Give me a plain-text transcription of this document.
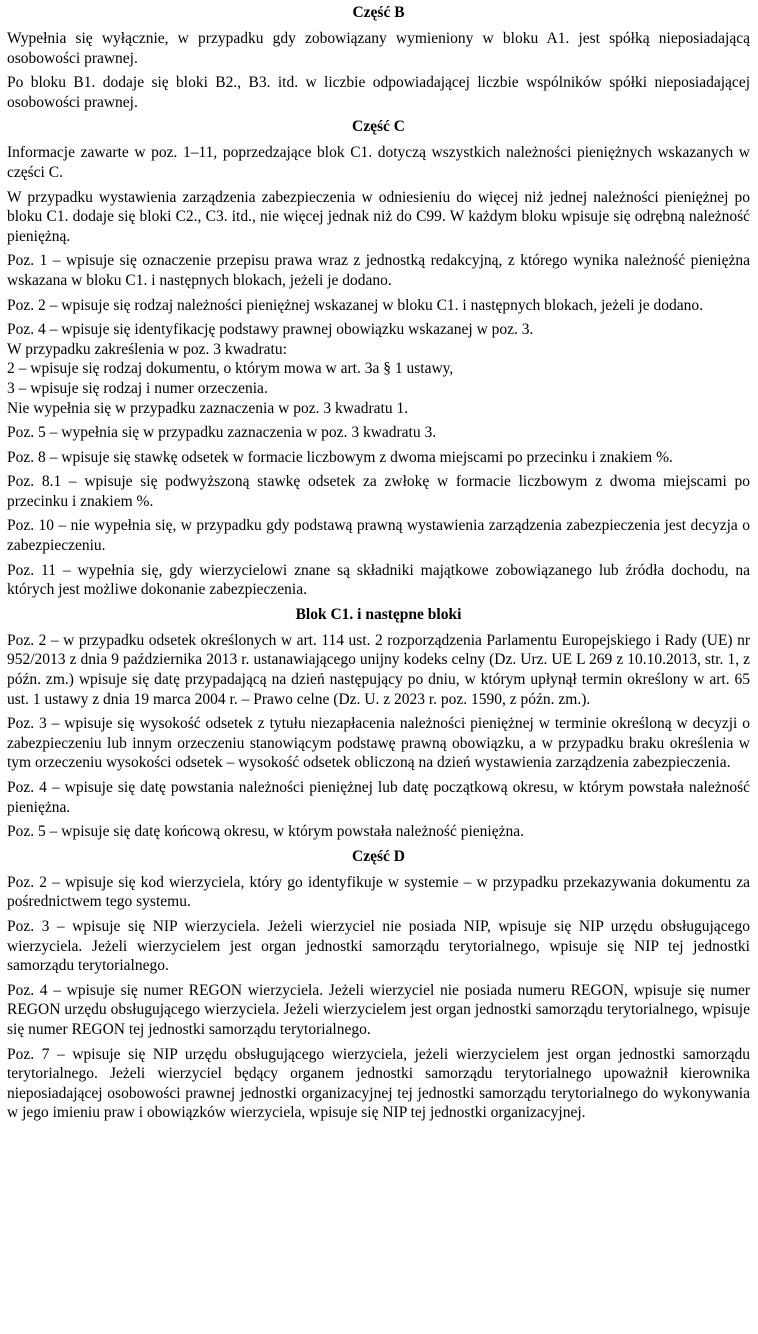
Część B

Wypełnia się wyłącznie, w przypadku gdy zobowiązany wymieniony w bloku A1. jest spółką nieposiadającą osobowości prawnej.

Po bloku B1. dodaje się bloki B2., B3. itd. w liczbie odpowiadającej liczbie wspólników spółki nieposiadającej osobowości prawnej.

Część C

Informacje zawarte w poz. 1–11, poprzedzające blok C1. dotyczą wszystkich należności pieniężnych wskazanych w części C.

W przypadku wystawienia zarządzenia zabezpieczenia w odniesieniu do więcej niż jednej należności pieniężnej po bloku C1. dodaje się bloki C2., C3. itd., nie więcej jednak niż do C99. W każdym bloku wpisuje się odrębną należność pieniężną.

Poz. 1 – wpisuje się oznaczenie przepisu prawa wraz z jednostką redakcyjną, z którego wynika należność pieniężna wskazana w bloku C1. i następnych blokach, jeżeli je dodano.

Poz. 2 – wpisuje się rodzaj należności pieniężnej wskazanej w bloku C1. i następnych blokach, jeżeli je dodano.

Poz. 4 – wpisuje się identyfikację podstawy prawnej obowiązku wskazanej w poz. 3.

W przypadku zakreślenia w poz. 3 kwadratu:

2 – wpisuje się rodzaj dokumentu, o którym mowa w art. 3a § 1 ustawy,

3 – wpisuje się rodzaj i numer orzeczenia.

Nie wypełnia się w przypadku zaznaczenia w poz. 3 kwadratu 1.

Poz. 5 – wypełnia się w przypadku zaznaczenia w poz. 3 kwadratu 3.

Poz. 8 – wpisuje się stawkę odsetek w formacie liczbowym z dwoma miejscami po przecinku i znakiem %.

Poz. 8.1 – wpisuje się podwyższoną stawkę odsetek za zwłokę w formacie liczbowym z dwoma miejscami po przecinku i znakiem %.

Poz. 10 – nie wypełnia się, w przypadku gdy podstawą prawną wystawienia zarządzenia zabezpieczenia jest decyzja o zabezpieczeniu.

Poz. 11 – wypełnia się, gdy wierzycielowi znane są składniki majątkowe zobowiązanego lub źródła dochodu, na których jest możliwe dokonanie zabezpieczenia.

Blok C1. i następne bloki

Poz. 2 – w przypadku odsetek określonych w art. 114 ust. 2 rozporządzenia Parlamentu Europejskiego i Rady (UE) nr 952/2013 z dnia 9 października 2013 r. ustanawiającego unijny kodeks celny (Dz. Urz. UE L 269 z 10.10.2013, str. 1, z późn. zm.) wpisuje się datę przypadającą na dzień następujący po dniu, w którym upłynął termin określony w art. 65 ust. 1 ustawy z dnia 19 marca 2004 r. – Prawo celne (Dz. U. z 2023 r. poz. 1590, z późn. zm.).

Poz. 3 – wpisuje się wysokość odsetek z tytułu niezapłacenia należności pieniężnej w terminie określoną w decyzji o zabezpieczeniu lub innym orzeczeniu stanowiącym podstawę prawną obowiązku, a w przypadku braku określenia w tym orzeczeniu wysokości odsetek – wysokość odsetek obliczoną na dzień wystawienia zarządzenia zabezpieczenia.

Poz. 4 – wpisuje się datę powstania należności pieniężnej lub datę początkową okresu, w którym powstała należność pieniężna.

Poz. 5 – wpisuje się datę końcową okresu, w którym powstała należność pieniężna.

Część D

Poz. 2 – wpisuje się kod wierzyciela, który go identyfikuje w systemie – w przypadku przekazywania dokumentu za pośrednictwem tego systemu.

Poz. 3 – wpisuje się NIP wierzyciela. Jeżeli wierzyciel nie posiada NIP, wpisuje się NIP urzędu obsługującego wierzyciela. Jeżeli wierzycielem jest organ jednostki samorządu terytorialnego, wpisuje się NIP tej jednostki samorządu terytorialnego.

Poz. 4 – wpisuje się numer REGON wierzyciela. Jeżeli wierzyciel nie posiada numeru REGON, wpisuje się numer REGON urzędu obsługującego wierzyciela. Jeżeli wierzycielem jest organ jednostki samorządu terytorialnego, wpisuje się numer REGON tej jednostki samorządu terytorialnego.

Poz. 7 – wpisuje się NIP urzędu obsługującego wierzyciela, jeżeli wierzycielem jest organ jednostki samorządu terytorialnego. Jeżeli wierzyciel będący organem jednostki samorządu terytorialnego upoważnił kierownika nieposiadającej osobowości prawnej jednostki organizacyjnej tej jednostki samorządu terytorialnego do wykonywania w jego imieniu praw i obowiązków wierzyciela, wpisuje się NIP tej jednostki organizacyjnej.
